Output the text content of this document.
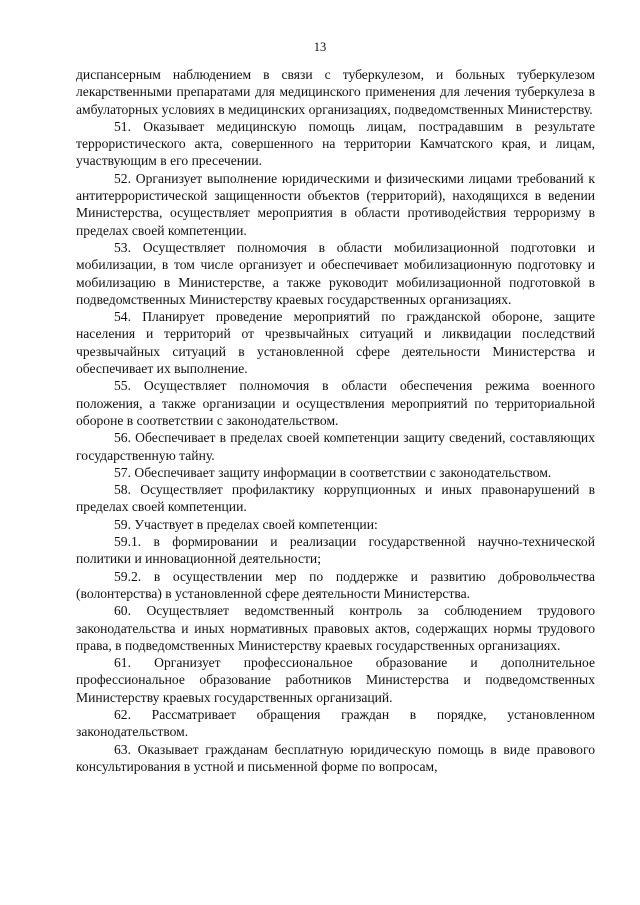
13

диспансерным наблюдением в связи с туберкулезом, и больных туберкулезом лекарственными препаратами для медицинского применения для лечения туберкулеза в амбулаторных условиях в медицинских организациях, подведомственных Министерству.

51. Оказывает медицинскую помощь лицам, пострадавшим в результате террористического акта, совершенного на территории Камчатского края, и лицам, участвующим в его пресечении.

52. Организует выполнение юридическими и физическими лицами требований к антитеррористической защищенности объектов (территорий), находящихся в ведении Министерства, осуществляет мероприятия в области противодействия терроризму в пределах своей компетенции.

53. Осуществляет полномочия в области мобилизационной подготовки и мобилизации, в том числе организует и обеспечивает мобилизационную подготовку и мобилизацию в Министерстве, а также руководит мобилизационной подготовкой в подведомственных Министерству краевых государственных организациях.

54. Планирует проведение мероприятий по гражданской обороне, защите населения и территорий от чрезвычайных ситуаций и ликвидации последствий чрезвычайных ситуаций в установленной сфере деятельности Министерства и обеспечивает их выполнение.

55. Осуществляет полномочия в области обеспечения режима военного положения, а также организации и осуществления мероприятий по территориальной обороне в соответствии с законодательством.

56. Обеспечивает в пределах своей компетенции защиту сведений, составляющих государственную тайну.

57. Обеспечивает защиту информации в соответствии с законодательством.

58. Осуществляет профилактику коррупционных и иных правонарушений в пределах своей компетенции.

59. Участвует в пределах своей компетенции:

59.1. в формировании и реализации государственной научно-технической политики и инновационной деятельности;

59.2. в осуществлении мер по поддержке и развитию добровольчества (волонтерства) в установленной сфере деятельности Министерства.

60. Осуществляет ведомственный контроль за соблюдением трудового законодательства и иных нормативных правовых актов, содержащих нормы трудового права, в подведомственных Министерству краевых государственных организациях.

61. Организует профессиональное образование и дополнительное профессиональное образование работников Министерства и подведомственных Министерству краевых государственных организаций.

62. Рассматривает обращения граждан в порядке, установленном законодательством.

63. Оказывает гражданам бесплатную юридическую помощь в виде правового консультирования в устной и письменной форме по вопросам,
